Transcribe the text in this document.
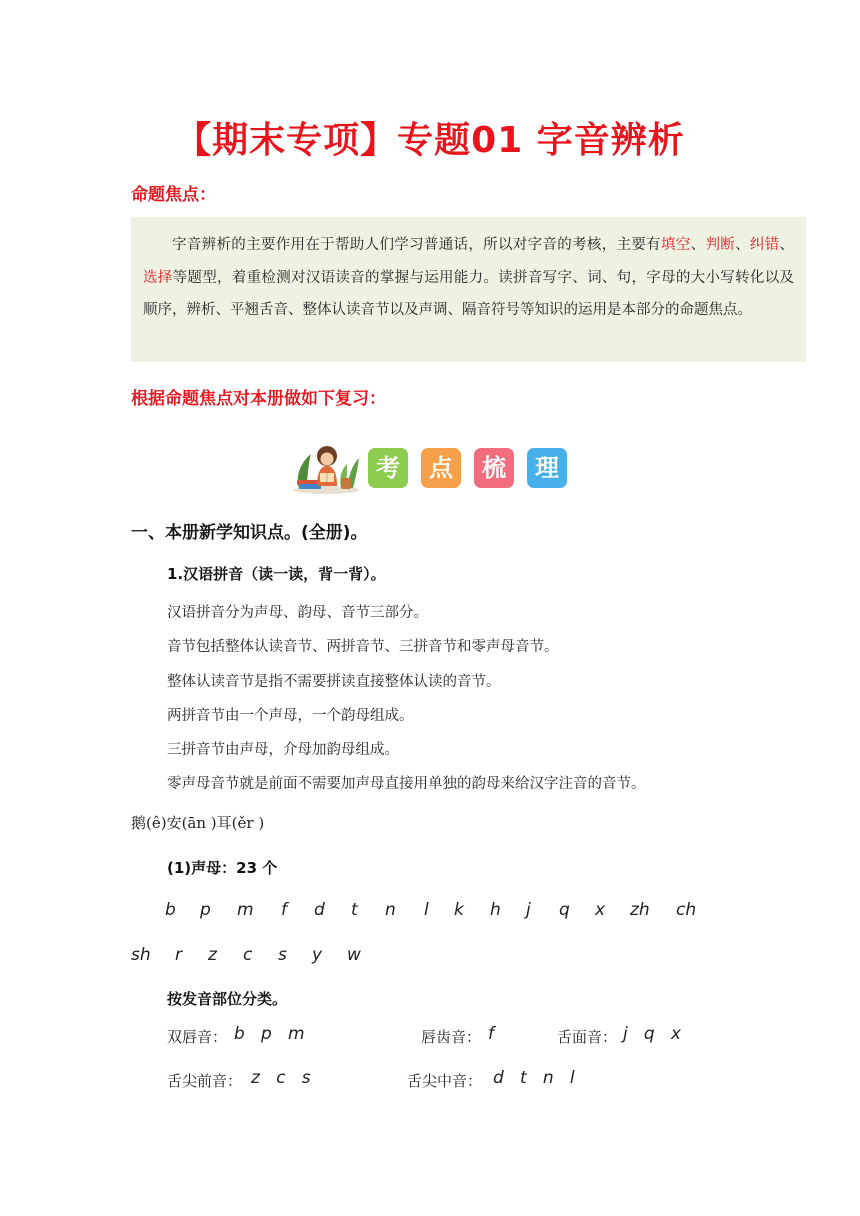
【期末专项】专题01 字音辨析
命题焦点：

字音辨析的主要作用在于帮助人们学习普通话，所以对字音的考核，主要有填空、判断、纠错、选择等题型，着重检测对汉语读音的掌握与运用能力。读拼音写字、词、句，字母的大小写转化以及顺序，辨析、平翘舌音、整体认读音节以及声调、隔音符号等知识的运用是本部分的命题焦点。

根据命题焦点对本册做如下复习：
考	点	梳	理
一、本册新学知识点。(全册)。
1.汉语拼音（读一读，背一背）。
汉语拼音分为声母、韵母、音节三部分。
音节包括整体认读音节、两拼音节、三拼音节和零声母音节。
整体认读音节是指不需要拼读直接整体认读的音节。
两拼音节由一个声母，一个韵母组成。
三拼音节由声母，介母加韵母组成。
零声母音节就是前面不需要加声母直接用单独的韵母来给汉字注音的音节。
鹅(ê)安(ān )耳(ěr )
(1)声母：23 个
b p m f d t n l k h j q x zh ch
sh r z c s y w
按发音部位分类。
双唇音： b   p   m	唇齿音： f	舌面音： j   q   x
舌尖前音： z   c   s	舌尖中音： d   t   n   l
